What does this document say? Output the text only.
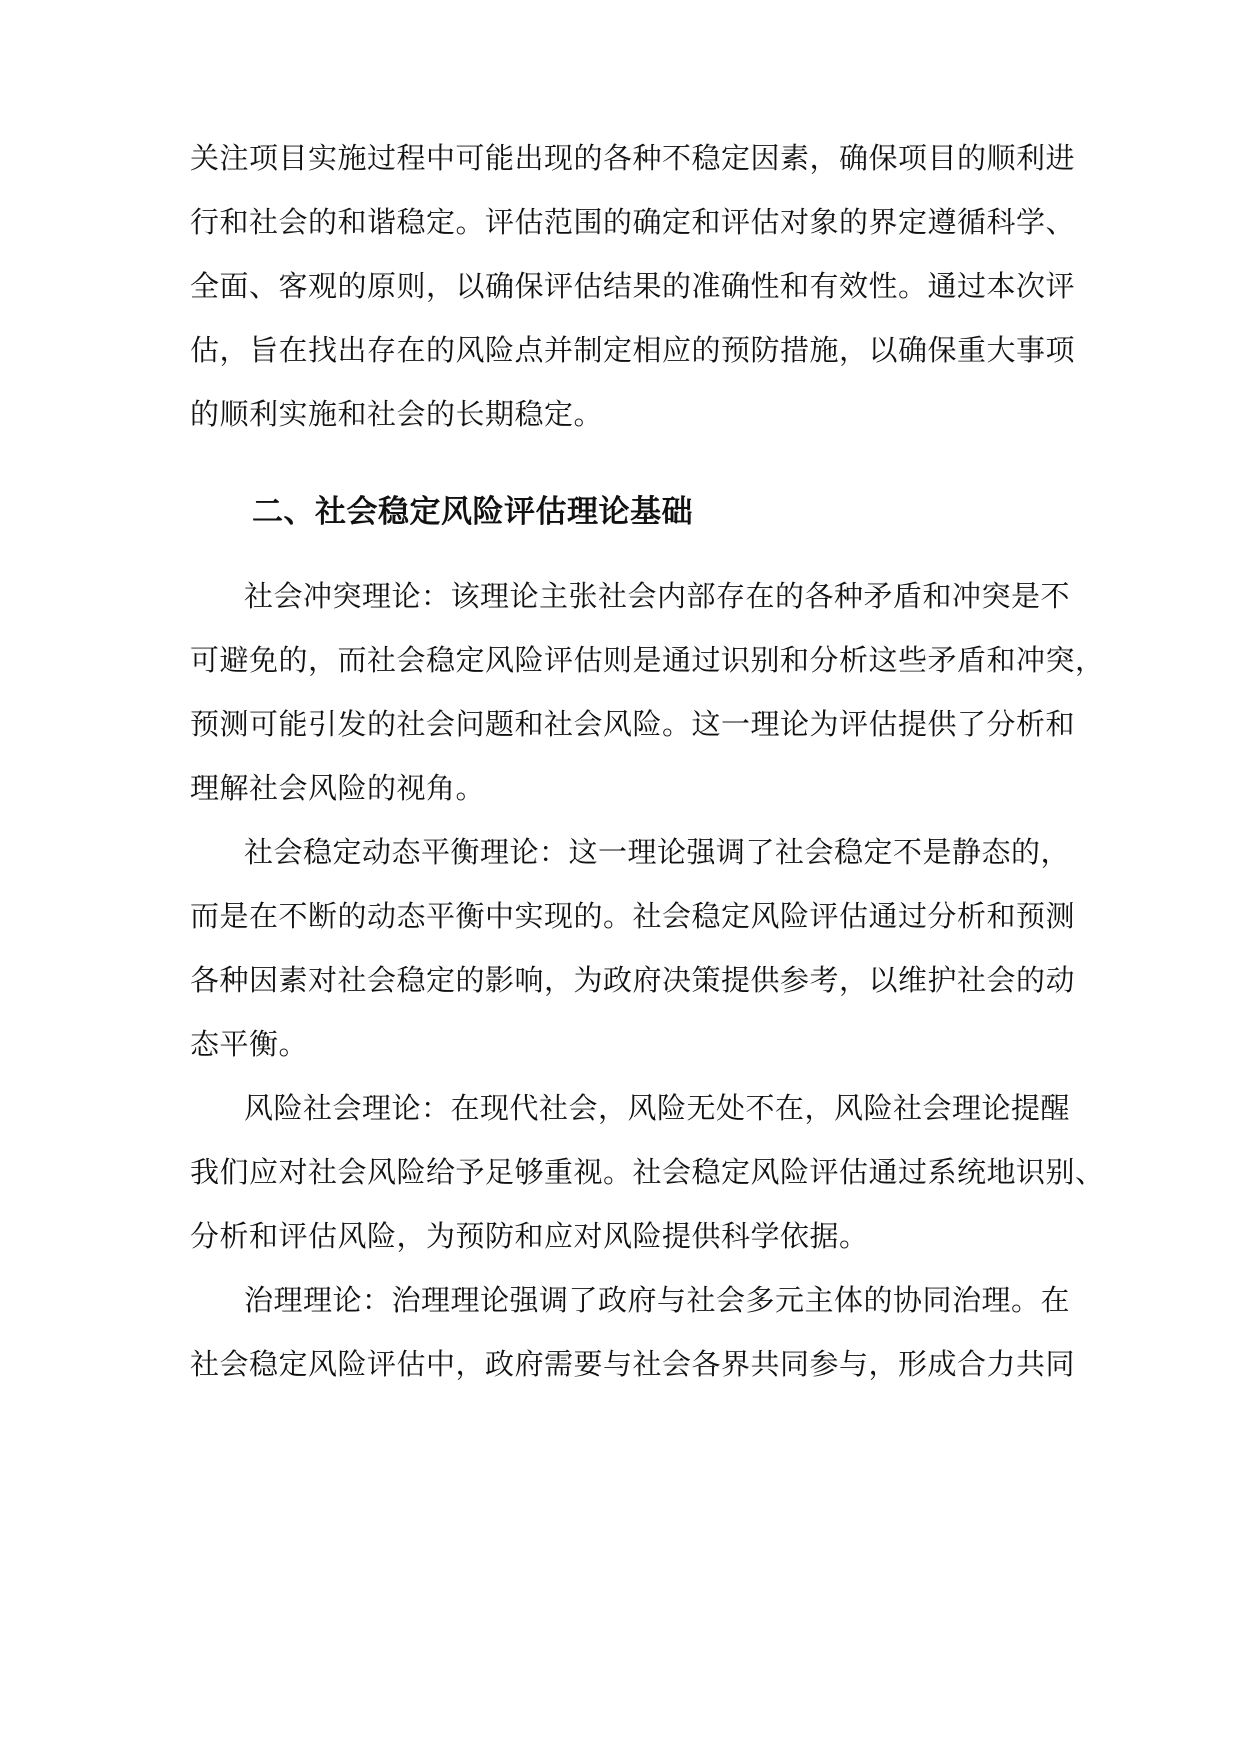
关注项目实施过程中可能出现的各种不稳定因素，确保项目的顺利进
行和社会的和谐稳定。评估范围的确定和评估对象的界定遵循科学、
全面、客观的原则，以确保评估结果的准确性和有效性。通过本次评
估，旨在找出存在的风险点并制定相应的预防措施，以确保重大事项
的顺利实施和社会的长期稳定。
二、社会稳定风险评估理论基础
社会冲突理论：该理论主张社会内部存在的各种矛盾和冲突是不
可避免的，而社会稳定风险评估则是通过识别和分析这些矛盾和冲突，
预测可能引发的社会问题和社会风险。这一理论为评估提供了分析和
理解社会风险的视角。
社会稳定动态平衡理论：这一理论强调了社会稳定不是静态的，
而是在不断的动态平衡中实现的。社会稳定风险评估通过分析和预测
各种因素对社会稳定的影响，为政府决策提供参考，以维护社会的动
态平衡。
风险社会理论：在现代社会，风险无处不在，风险社会理论提醒
我们应对社会风险给予足够重视。社会稳定风险评估通过系统地识别、
分析和评估风险，为预防和应对风险提供科学依据。
治理理论：治理理论强调了政府与社会多元主体的协同治理。在
社会稳定风险评估中，政府需要与社会各界共同参与，形成合力共同
